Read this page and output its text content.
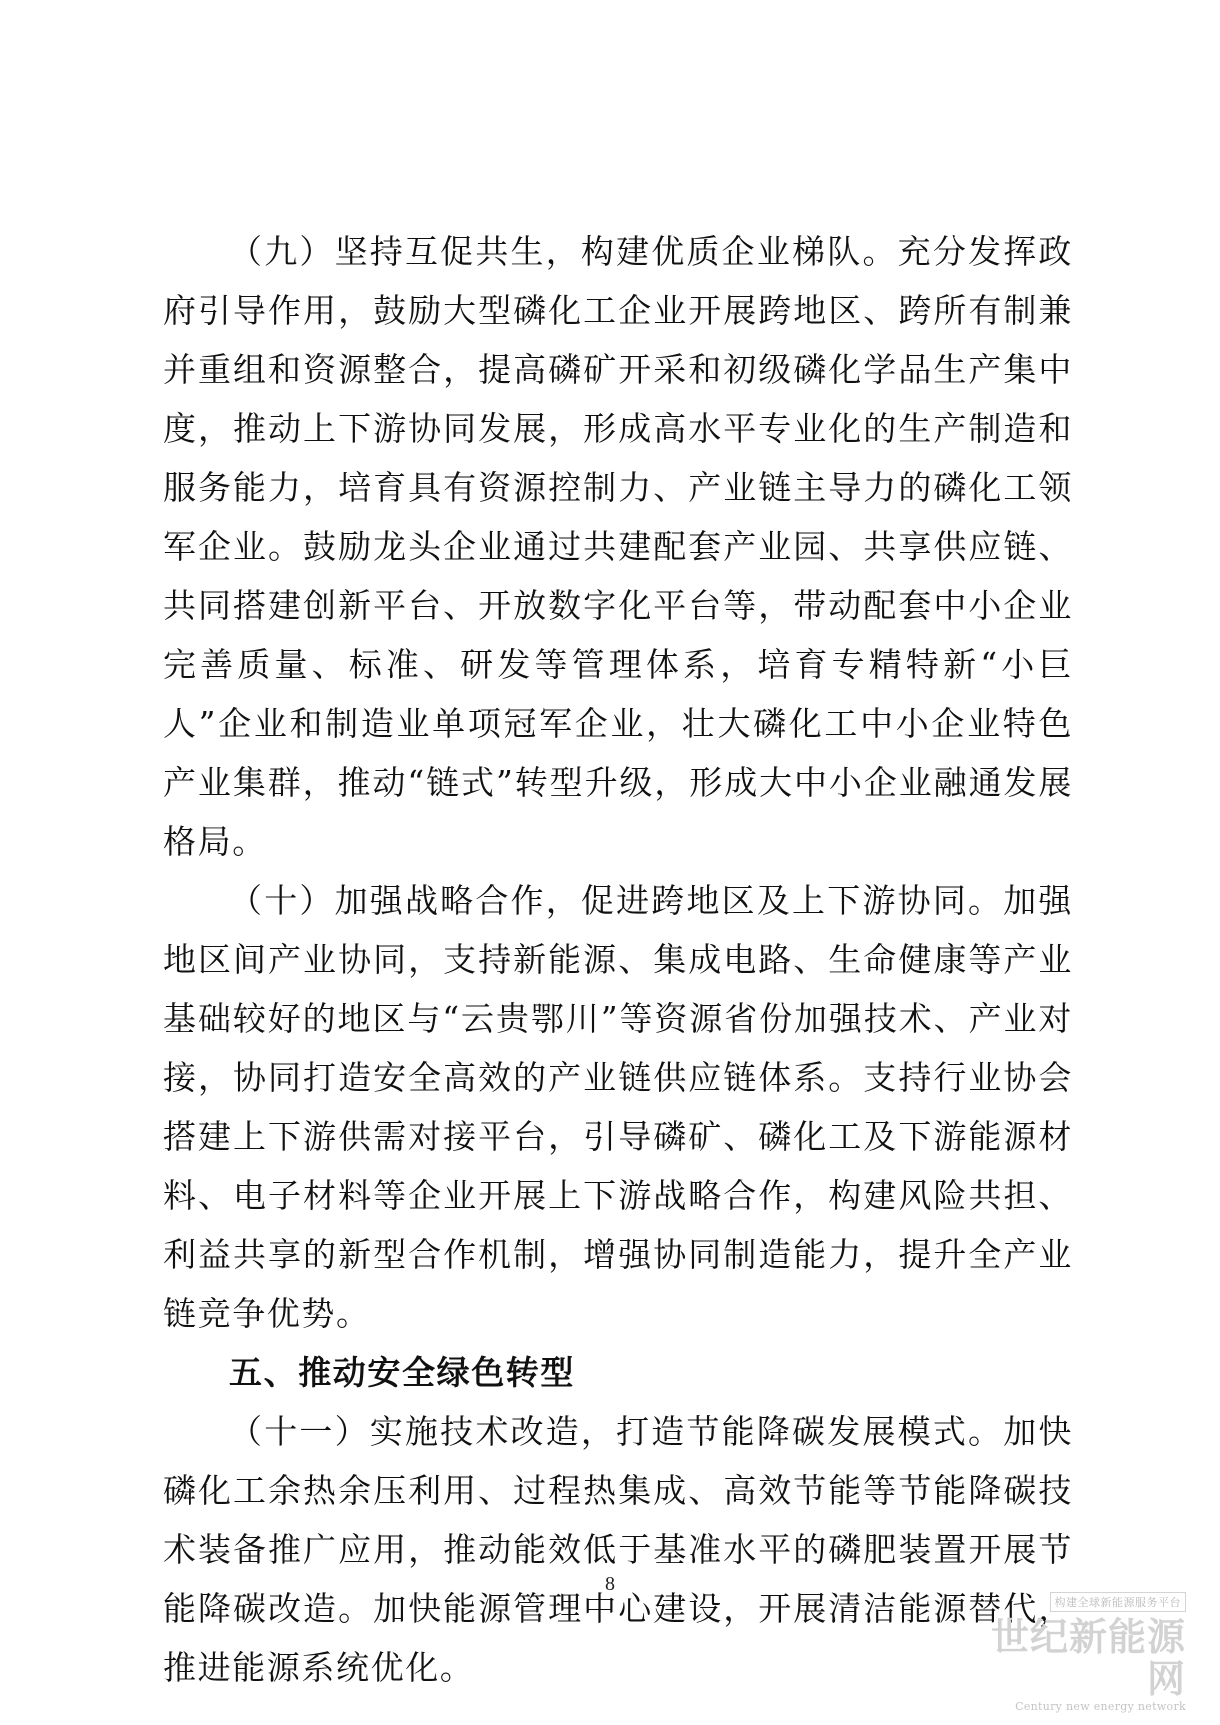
（九）坚持互促共生，构建优质企业梯队。充分发挥政府引导作用，鼓励大型磷化工企业开展跨地区、跨所有制兼并重组和资源整合，提高磷矿开采和初级磷化学品生产集中度，推动上下游协同发展，形成高水平专业化的生产制造和服务能力，培育具有资源控制力、产业链主导力的磷化工领军企业。鼓励龙头企业通过共建配套产业园、共享供应链、共同搭建创新平台、开放数字化平台等，带动配套中小企业完善质量、标准、研发等管理体系，培育专精特新“小巨人”企业和制造业单项冠军企业，壮大磷化工中小企业特色产业集群，推动“链式”转型升级，形成大中小企业融通发展格局。

（十）加强战略合作，促进跨地区及上下游协同。加强地区间产业协同，支持新能源、集成电路、生命健康等产业基础较好的地区与“云贵鄂川”等资源省份加强技术、产业对接，协同打造安全高效的产业链供应链体系。支持行业协会搭建上下游供需对接平台，引导磷矿、磷化工及下游能源材料、电子材料等企业开展上下游战略合作，构建风险共担、利益共享的新型合作机制，增强协同制造能力，提升全产业链竞争优势。

五、推动安全绿色转型

（十一）实施技术改造，打造节能降碳发展模式。加快磷化工余热余压利用、过程热集成、高效节能等节能降碳技术装备推广应用，推动能效低于基准水平的磷肥装置开展节能降碳改造。加快能源管理中心建设，开展清洁能源替代，推进能源系统优化。

8
构建全球新能源服务平台
世纪新能源网
Century new energy network
